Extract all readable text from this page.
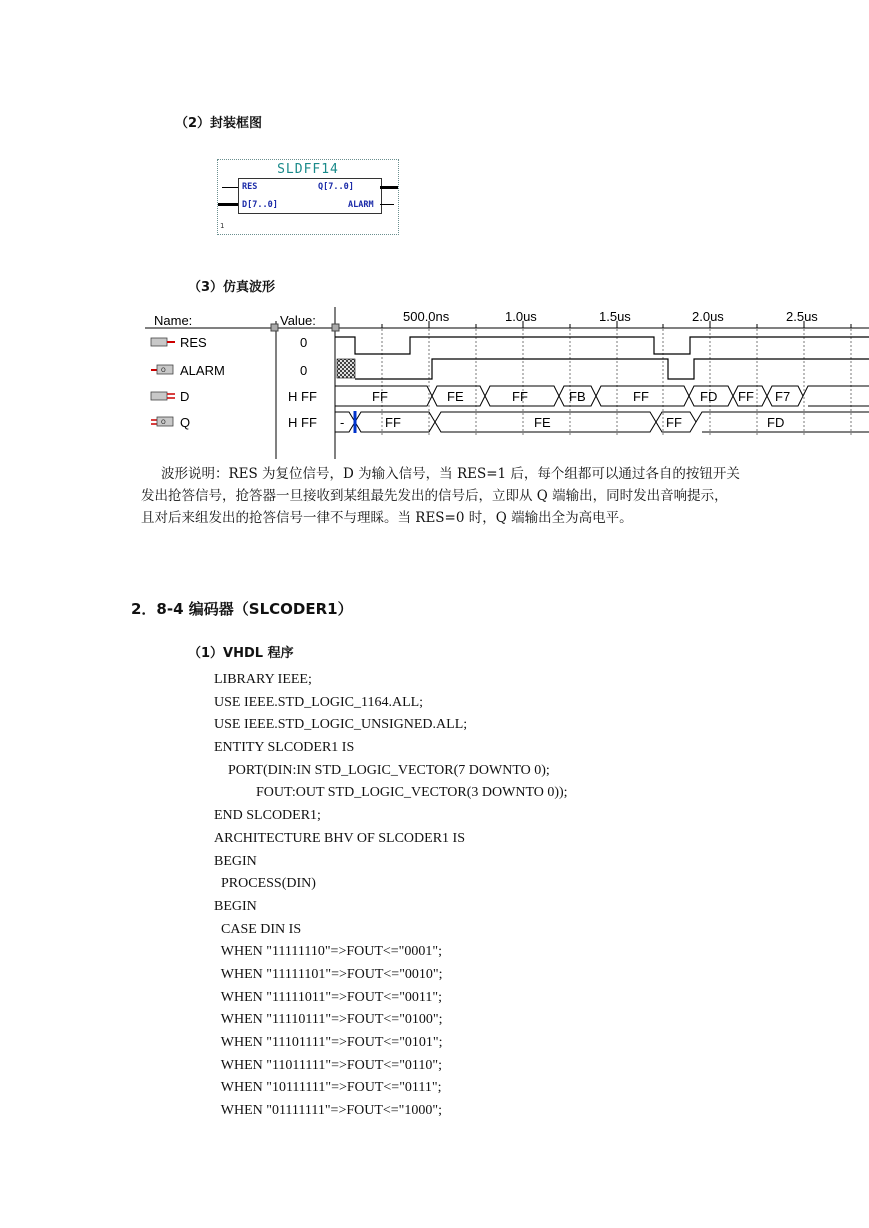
（2）封装框图
SLDFF14
RES	Q[7..0]
D[7..0]	ALARM
1
（3）仿真波形
Name:	Value:	500.0ns	1.0us	1.5us	2.0us	2.5us
RES	0
O ALARM	0
D	H FF
O Q	H FF
FF	FE	FF	FB	FF	FD FF F7
-	FF	FE	FF	FD
波形说明：RES 为复位信号，D 为输入信号，当 RES=1 后，每个组都可以通过各自的按钮开关发出抢答信号，抢答器一旦接收到某组最先发出的信号后，立即从 Q 端输出，同时发出音响提示，且对后来组发出的抢答信号一律不与理睬。当 RES=0 时，Q 端输出全为高电平。
2．8-4 编码器（SLCODER1）
（1）VHDL 程序
LIBRARY IEEE;
USE IEEE.STD_LOGIC_1164.ALL;
USE IEEE.STD_LOGIC_UNSIGNED.ALL;
ENTITY SLCODER1 IS
PORT(DIN:IN STD_LOGIC_VECTOR(7 DOWNTO 0);
FOUT:OUT STD_LOGIC_VECTOR(3 DOWNTO 0));
END SLCODER1;
ARCHITECTURE BHV OF SLCODER1 IS
BEGIN
PROCESS(DIN)
BEGIN
CASE DIN IS
WHEN "11111110"=>FOUT<="0001";
WHEN "11111101"=>FOUT<="0010";
WHEN "11111011"=>FOUT<="0011";
WHEN "11110111"=>FOUT<="0100";
WHEN "11101111"=>FOUT<="0101";
WHEN "11011111"=>FOUT<="0110";
WHEN "10111111"=>FOUT<="0111";
WHEN "01111111"=>FOUT<="1000";
